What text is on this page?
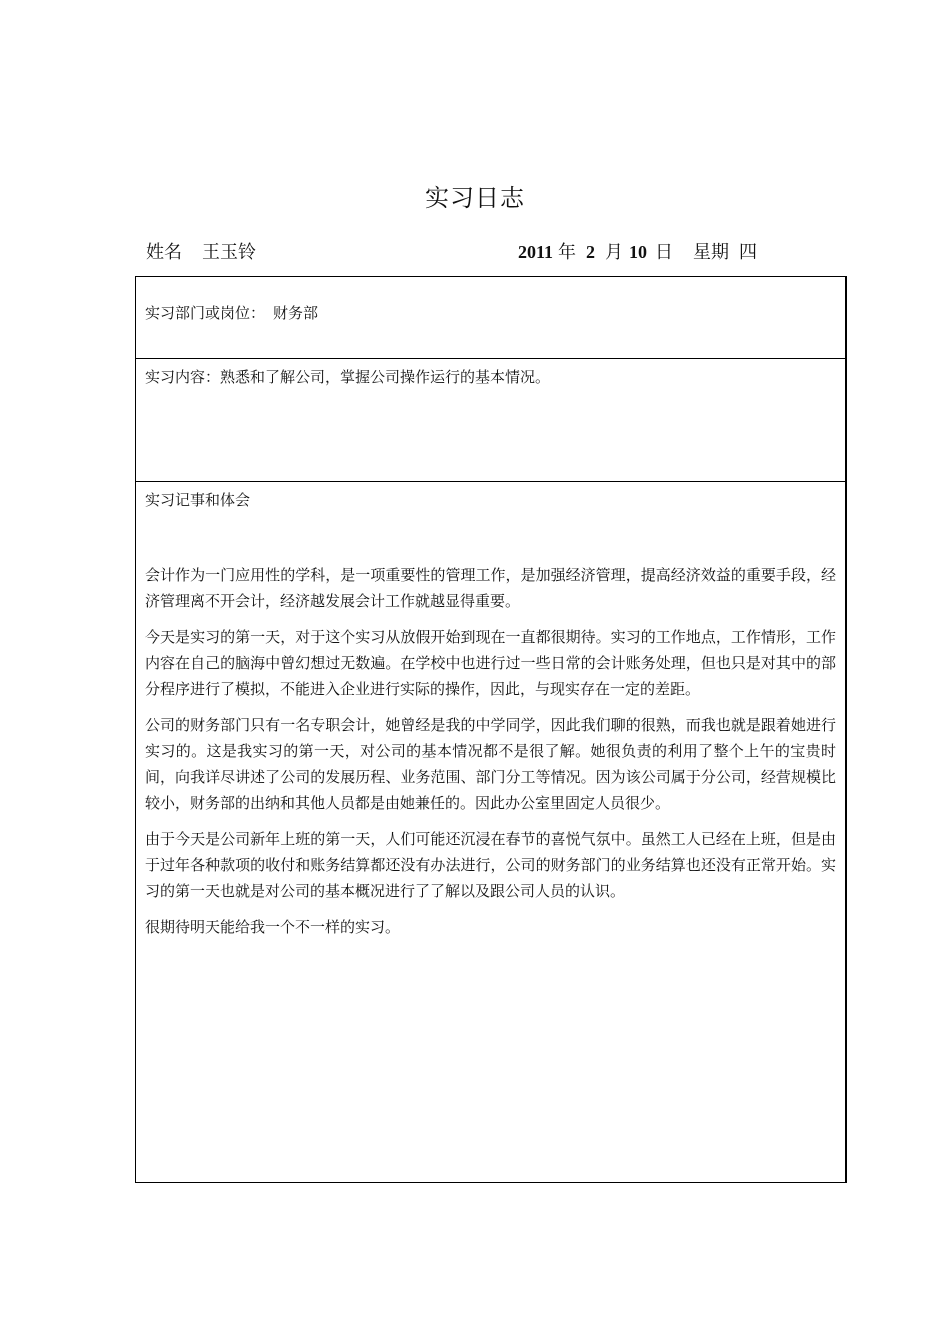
实习日志
姓名 王玉铃	2011 年 2 月 10 日 星期 四
实习部门或岗位： 财务部
实习内容：熟悉和了解公司，掌握公司操作运行的基本情况。
实习记事和体会

会计作为一门应用性的学科，是一项重要性的管理工作，是加强经济管理，提高经济效益的重要手段，经济管理离不开会计，经济越发展会计工作就越显得重要。

今天是实习的第一天，对于这个实习从放假开始到现在一直都很期待。实习的工作地点，工作情形，工作内容在自己的脑海中曾幻想过无数遍。在学校中也进行过一些日常的会计账务处理，但也只是对其中的部分程序进行了模拟，不能进入企业进行实际的操作，因此，与现实存在一定的差距。

公司的财务部门只有一名专职会计，她曾经是我的中学同学，因此我们聊的很熟，而我也就是跟着她进行实习的。这是我实习的第一天，对公司的基本情况都不是很了解。她很负责的利用了整个上午的宝贵时间，向我详尽讲述了公司的发展历程、业务范围、部门分工等情况。因为该公司属于分公司，经营规模比较小，财务部的出纳和其他人员都是由她兼任的。因此办公室里固定人员很少。

由于今天是公司新年上班的第一天，人们可能还沉浸在春节的喜悦气氛中。虽然工人已经在上班，但是由于过年各种款项的收付和账务结算都还没有办法进行，公司的财务部门的业务结算也还没有正常开始。实习的第一天也就是对公司的基本概况进行了了解以及跟公司人员的认识。

很期待明天能给我一个不一样的实习。
